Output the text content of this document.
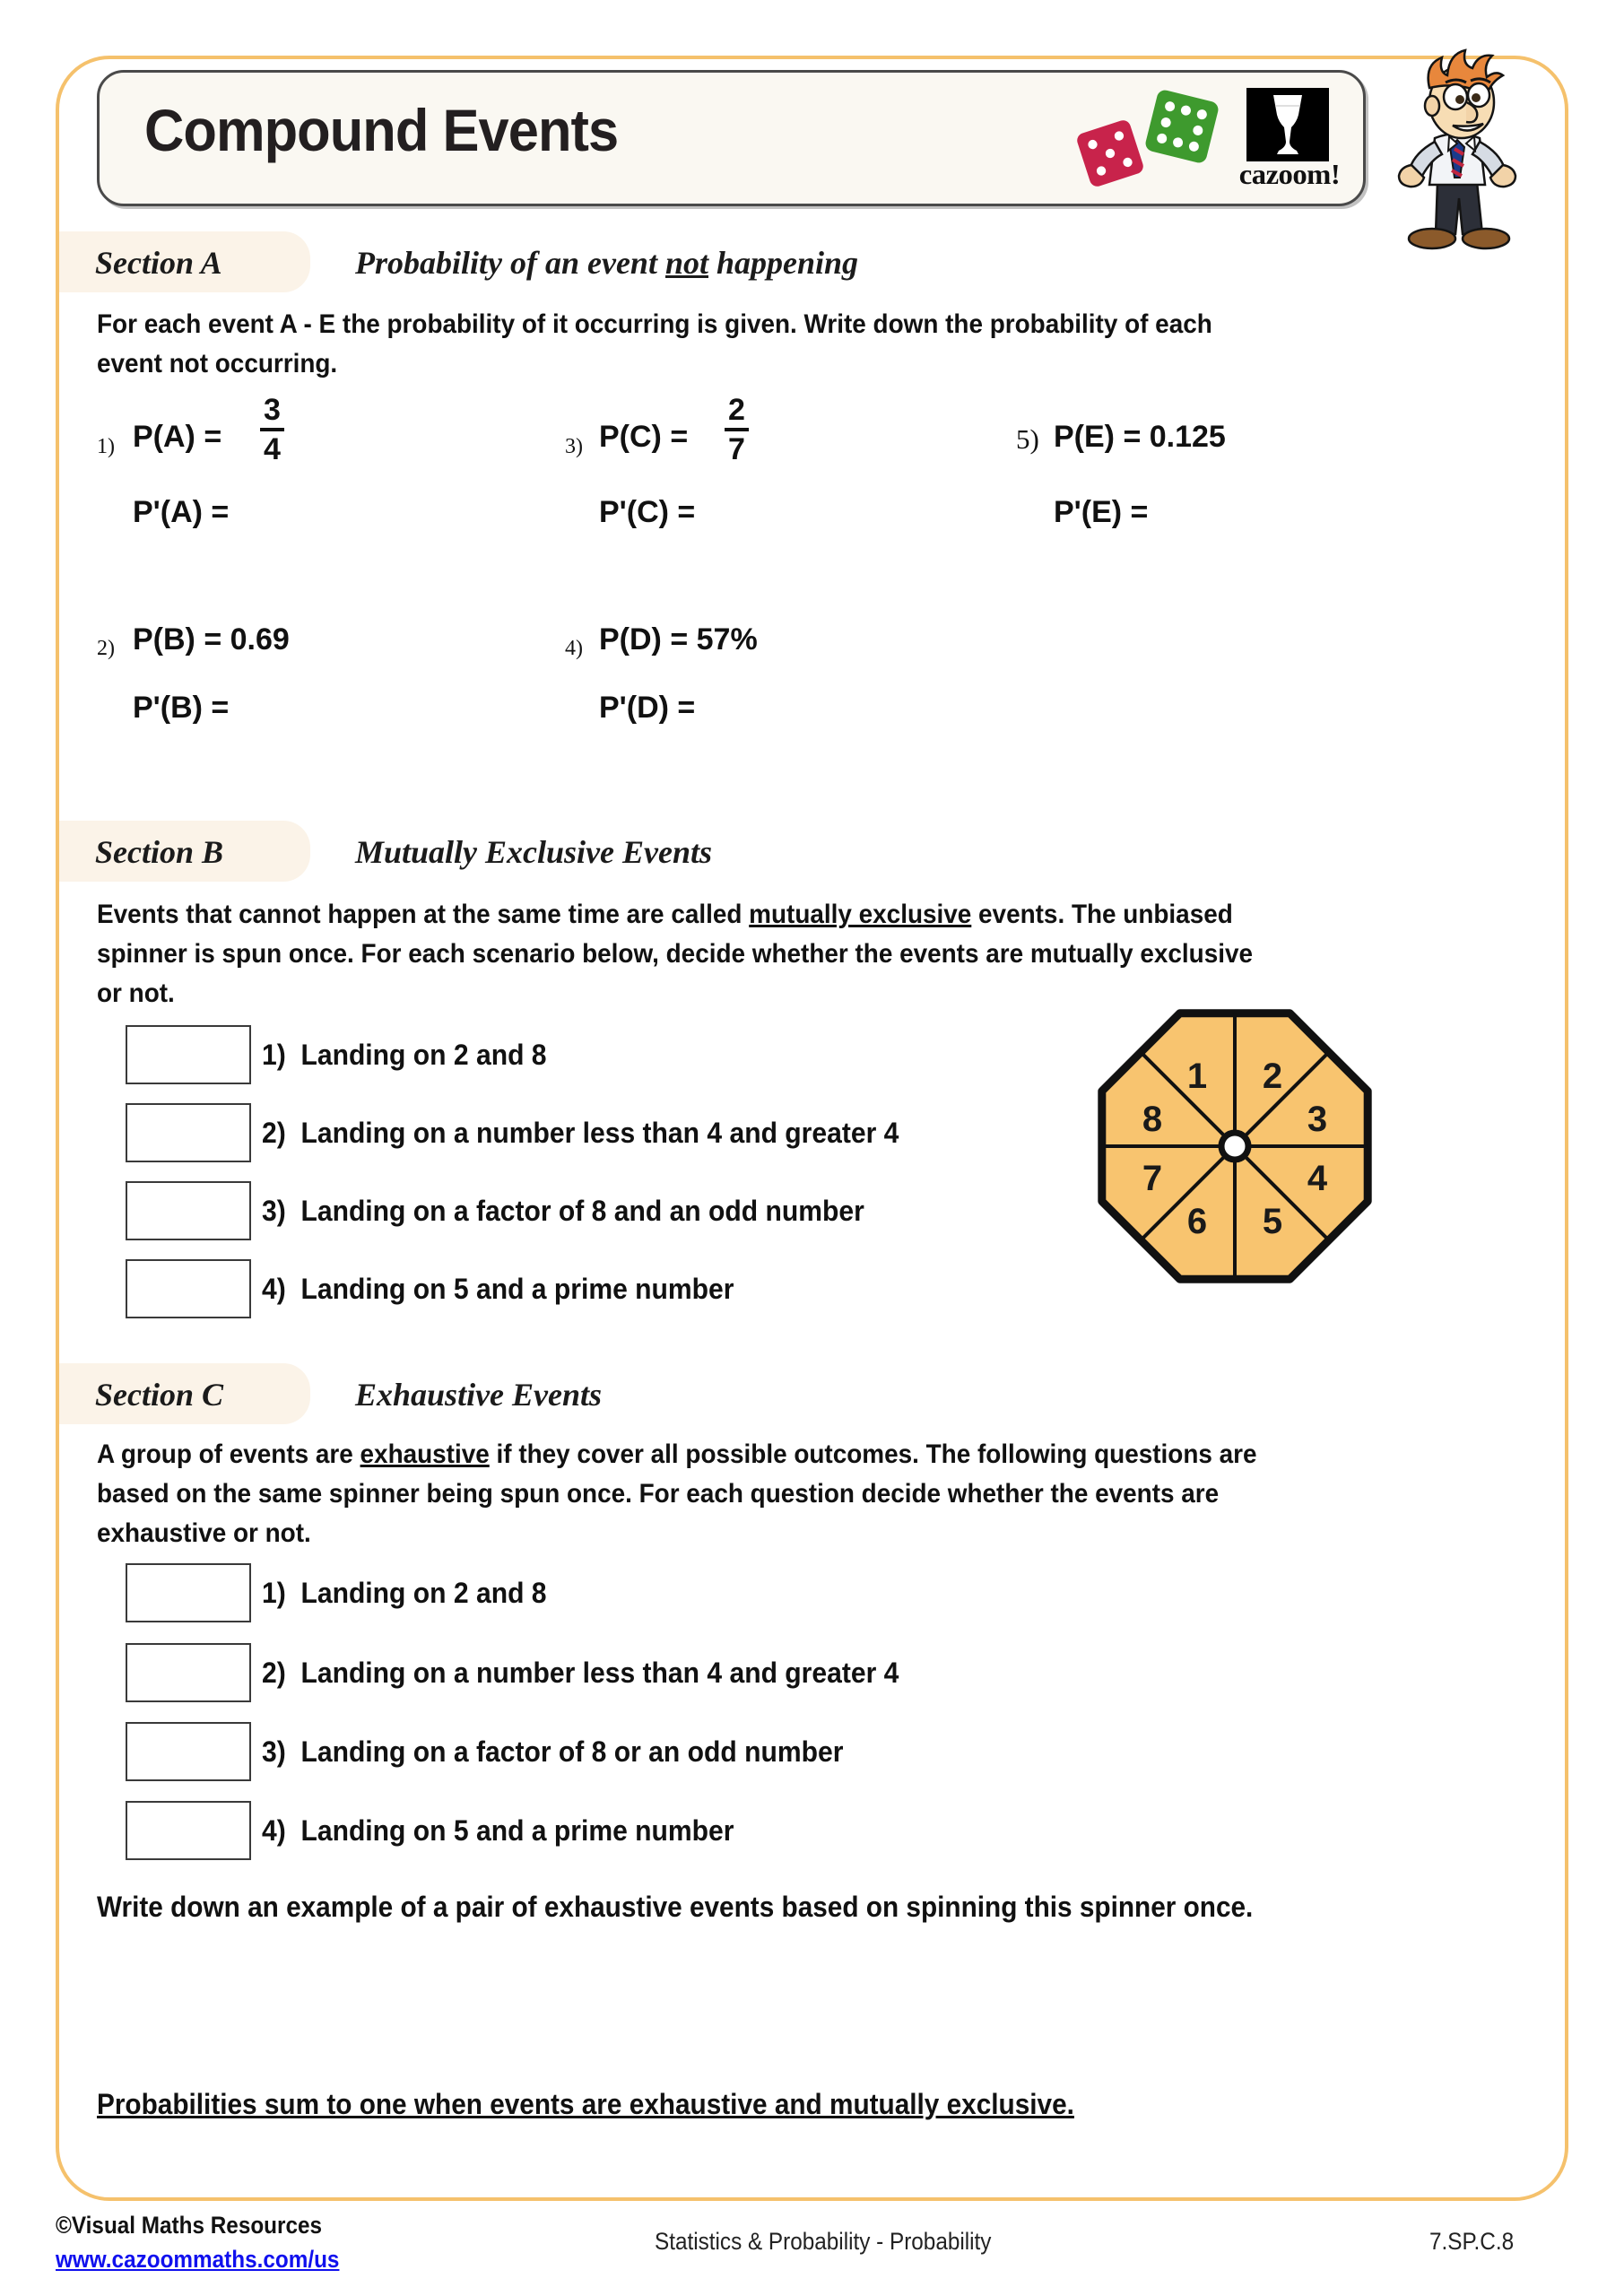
Compound Events
cazoom!
Section A	Probability of an event not happening
For each event A - E the probability of it occurring is given. Write down the probability of each
event not occurring.
1) P(A) =
3
4
P'(A) =
3) P(C) =
2
7
P'(C) =
5) P(E) = 0.125
P'(E) =
2) P(B) = 0.69
P'(B) =
4) P(D) = 57%
P'(D) =
Section B	Mutually Exclusive Events
Events that cannot happen at the same time are called mutually exclusive events. The unbiased
spinner is spun once. For each scenario below, decide whether the events are mutually exclusive
or not.
1) Landing on 2 and 8
2) Landing on a number less than 4 and greater 4
3) Landing on a factor of 8 and an odd number
4) Landing on 5 and a prime number
1 2
3
4
5
6
7
8
Section C	Exhaustive Events
A group of events are exhaustive if they cover all possible outcomes. The following questions are
based on the same spinner being spun once. For each question decide whether the events are
exhaustive or not.
1) Landing on 2 and 8
2) Landing on a number less than 4 and greater 4
3) Landing on a factor of 8 or an odd number
4) Landing on 5 and a prime number
Write down an example of a pair of exhaustive events based on spinning this spinner once.
Probabilities sum to one when events are exhaustive and mutually exclusive.
©Visual Maths Resources
www.cazoommaths.com/us
Statistics & Probability - Probability	7.SP.C.8
